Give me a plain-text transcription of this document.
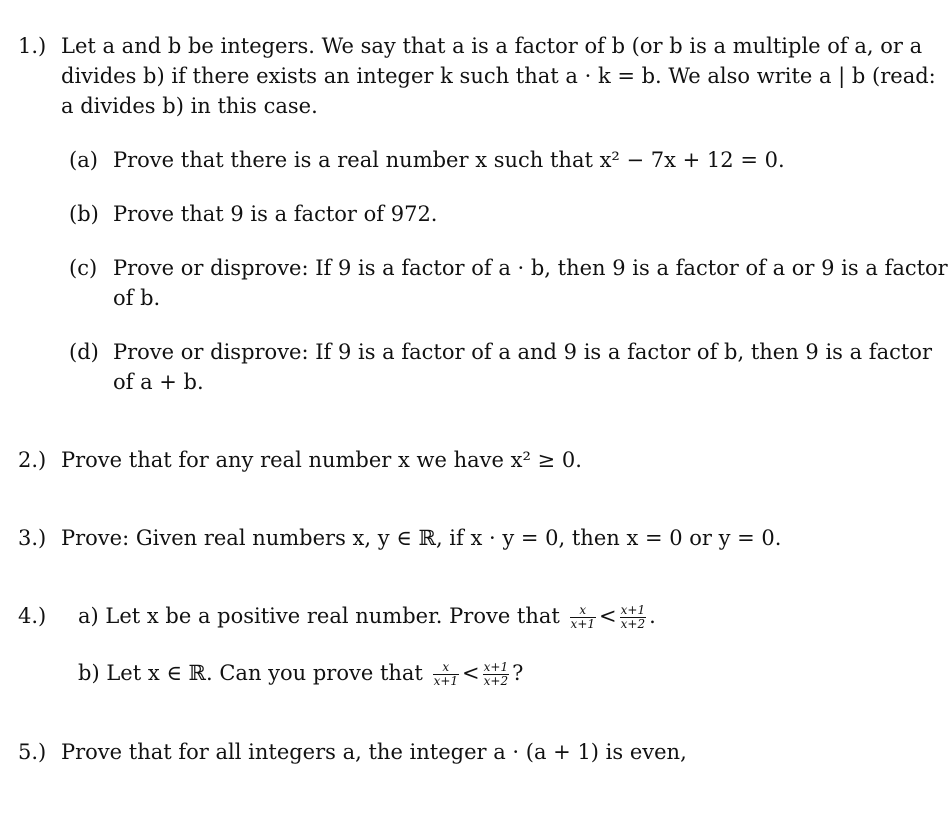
1.) Let a and b be integers. We say that a is a factor of b (or b is a multiple of a, or a
divides b) if there exists an integer k such that a · k = b. We also write a | b (read:
a divides b) in this case.
(a) Prove that there is a real number x such that x² − 7x + 12 = 0.
(b) Prove that 9 is a factor of 972.
(c) Prove or disprove: If 9 is a factor of a · b, then 9 is a factor of a or 9 is a factor
of b.
(d) Prove or disprove: If 9 is a factor of a and 9 is a factor of b, then 9 is a factor
of a + b.
2.) Prove that for any real number x we have x² ≥ 0.
3.) Prove: Given real numbers x, y ∈ ℝ, if x · y = 0, then x = 0 or y = 0.
4.) a) Let x be a positive real number. Prove that $\frac{x}{x+1} < \frac{x+1}{x+2}$ .
b) Let x ∈ ℝ. Can you prove that $\frac{x}{x+1} < \frac{x+1}{x+2}$ ?
5.) Prove that for all integers a, the integer a · (a + 1) is even,
